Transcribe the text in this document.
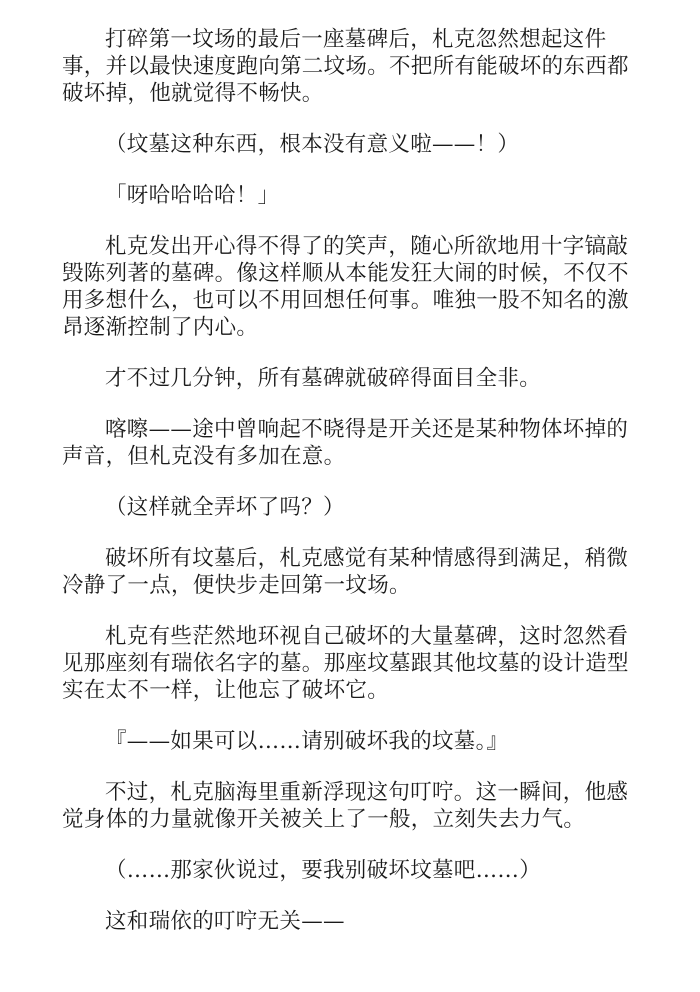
打碎第一坟场的最后一座墓碑后，札克忽然想起这件事，并以最快速度跑向第二坟场。不把所有能破坏的东西都破坏掉，他就觉得不畅快。

（坟墓这种东西，根本没有意义啦——！）

「呀哈哈哈哈！」

札克发出开心得不得了的笑声，随心所欲地用十字镐敲毁陈列著的墓碑。像这样顺从本能发狂大闹的时候，不仅不用多想什么，也可以不用回想任何事。唯独一股不知名的激昂逐渐控制了内心。

才不过几分钟，所有墓碑就破碎得面目全非。

喀嚓——途中曾响起不晓得是开关还是某种物体坏掉的声音，但札克没有多加在意。

（这样就全弄坏了吗？）

破坏所有坟墓后，札克感觉有某种情感得到满足，稍微冷静了一点，便快步走回第一坟场。

札克有些茫然地环视自己破坏的大量墓碑，这时忽然看见那座刻有瑞依名字的墓。那座坟墓跟其他坟墓的设计造型实在太不一样，让他忘了破坏它。

『——如果可以……请别破坏我的坟墓。』

不过，札克脑海里重新浮现这句叮咛。这一瞬间，他感觉身体的力量就像开关被关上了一般，立刻失去力气。

（……那家伙说过，要我别破坏坟墓吧……）

这和瑞依的叮咛无关——
